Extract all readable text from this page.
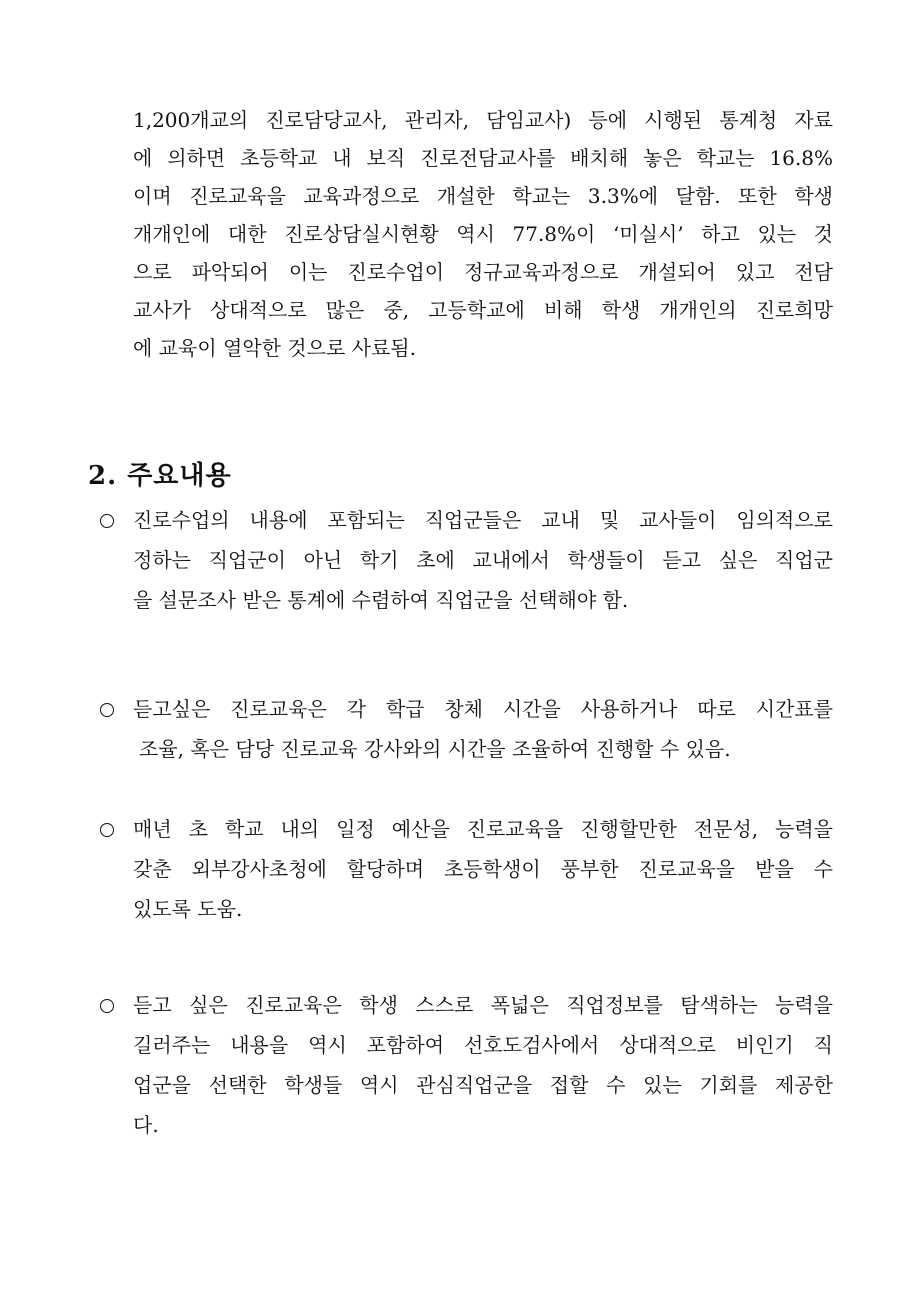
1,200개교의 진로담당교사, 관리자, 담임교사) 등에 시행된 통계청 자료
에 의하면 초등학교 내 보직 진로전담교사를 배치해 놓은 학교는 16.8%
이며 진로교육을 교육과정으로 개설한 학교는 3.3%에 달함. 또한 학생
개개인에 대한 진로상담실시현황 역시 77.8%이 ‘미실시’ 하고 있는 것
으로 파악되어 이는 진로수업이 정규교육과정으로 개설되어 있고 전담
교사가 상대적으로 많은 중, 고등학교에 비해 학생 개개인의 진로희망
에 교육이 열악한 것으로 사료됨.
2. 주요내용
진로수업의 내용에 포함되는 직업군들은 교내 및 교사들이 임의적으로
정하는 직업군이 아닌 학기 초에 교내에서 학생들이 듣고 싶은 직업군
을 설문조사 받은 통계에 수렴하여 직업군을 선택해야 함.
듣고싶은 진로교육은 각 학급 창체 시간을 사용하거나 따로 시간표를
조율, 혹은 담당 진로교육 강사와의 시간을 조율하여 진행할 수 있음.
매년 초 학교 내의 일정 예산을 진로교육을 진행할만한 전문성, 능력을
갖춘 외부강사초청에 할당하며 초등학생이 풍부한 진로교육을 받을 수
있도록 도움.
듣고 싶은 진로교육은 학생 스스로 폭넓은 직업정보를 탐색하는 능력을
길러주는 내용을 역시 포함하여 선호도검사에서 상대적으로 비인기 직
업군을 선택한 학생들 역시 관심직업군을 접할 수 있는 기회를 제공한
다.
